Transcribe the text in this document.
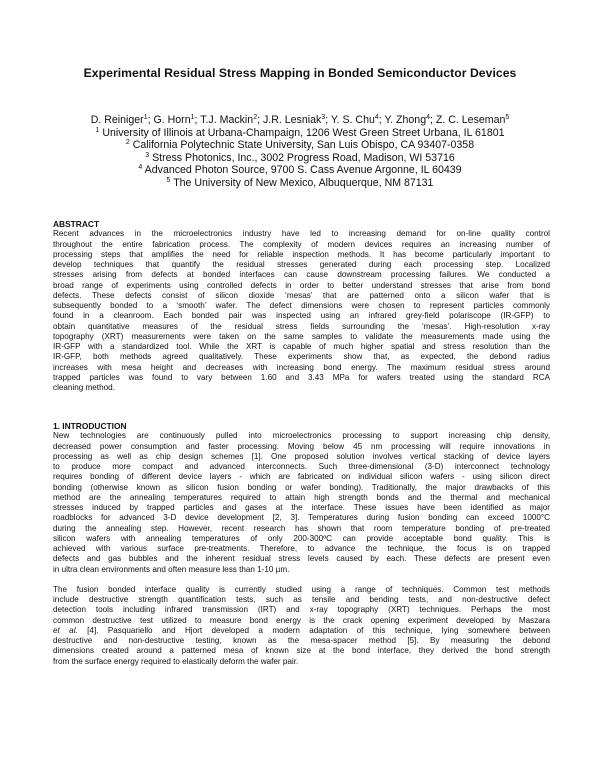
Experimental Residual Stress Mapping in Bonded Semiconductor Devices
D. Reiniger$^1$; G. Horn$^1$; T.J. Mackin$^2$; J.R. Lesniak$^3$; Y. S. Chu$^4$; Y. Zhong$^4$; Z. C. Leseman$^5$
$^1$ University of Illinois at Urbana-Champaign, 1206 West Green Street Urbana, IL 61801
$^2$ California Polytechnic State University, San Luis Obispo, CA 93407-0358
$^3$ Stress Photonics, Inc., 3002 Progress Road, Madison, WI 53716
$^4$ Advanced Photon Source, 9700 S. Cass Avenue Argonne, IL 60439
$^5$ The University of New Mexico, Albuquerque, NM 87131
ABSTRACT
Recent advances in the microelectronics industry have led to increasing demand for on-line quality control
throughout the entire fabrication process. The complexity of modern devices requires an increasing number of
processing steps that amplifies the need for reliable inspection methods. It has become particularly important to
develop techniques that quantify the residual stresses generated during each processing step. Localized
stresses arising from defects at bonded interfaces can cause downstream processing failures. We conducted a
broad range of experiments using controlled defects in order to better understand stresses that arise from bond
defects. These defects consist of silicon dioxide ‘mesas’ that are patterned onto a silicon wafer that is
subsequently bonded to a ‘smooth’ wafer. The defect dimensions were chosen to represent particles commonly
found in a cleanroom. Each bonded pair was inspected using an infrared grey-field polariscope (IR-GFP) to
obtain quantitative measures of the residual stress fields surrounding the ‘mesas’. High-resolution x-ray
topography (XRT) measurements were taken on the same samples to validate the measurements made using the
IR-GFP with a standardized tool. While the XRT is capable of much higher spatial and stress resolution than the
IR-GFP, both methods agreed qualitatively. These experiments show that, as expected, the debond radius
increases with mesa height and decreases with increasing bond energy. The maximum residual stress around
trapped particles was found to vary between 1.60 and 3.43 MPa for wafers treated using the standard RCA
cleaning method.
1. INTRODUCTION
New technologies are continuously pulled into microelectronics processing to support increasing chip density,
decreased power consumption and faster processing. Moving below 45 nm processing will require innovations in
processing as well as chip design schemes [1]. One proposed solution involves vertical stacking of device layers
to produce more compact and advanced interconnects. Such three-dimensional (3-D) interconnect technology
requires bonding of different device layers - which are fabricated on individual silicon wafers - using silicon direct
bonding (otherwise known as silicon fusion bonding or wafer bonding). Traditionally, the major drawbacks of this
method are the annealing temperatures required to attain high strength bonds and the thermal and mechanical
stresses induced by trapped particles and gases at the interface. These issues have been identified as major
roadblocks for advanced 3-D device development [2, 3]. Temperatures during fusion bonding can exceed 1000°C
during the annealing step. However, recent research has shown that room temperature bonding of pre-treated
silicon wafers with annealing temperatures of only 200-300ºC can provide acceptable bond quality. This is
achieved with various surface pre-treatments. Therefore, to advance the technique, the focus is on trapped
defects and gas bubbles and the inherent residual stress levels caused by each. These defects are present even
in ultra clean environments and often measure less than 1-10 µm.
The fusion bonded interface quality is currently studied using a range of techniques. Common test methods
include destructive strength quantification tests, such as tensile and bending tests, and non-destructive defect
detection tools including infrared transmission (IRT) and x-ray topography (XRT) techniques. Perhaps the most
common destructive test utilized to measure bond energy is the crack opening experiment developed by Maszara
et al. [4]. Pasquariello and Hjort developed a modern adaptation of this technique, lying somewhere between
destructive and non-destructive testing, known as the mesa-spacer method [5]. By measuring the debond
dimensions created around a patterned mesa of known size at the bond interface, they derived the bond strength
from the surface energy required to elastically deform the wafer pair.
